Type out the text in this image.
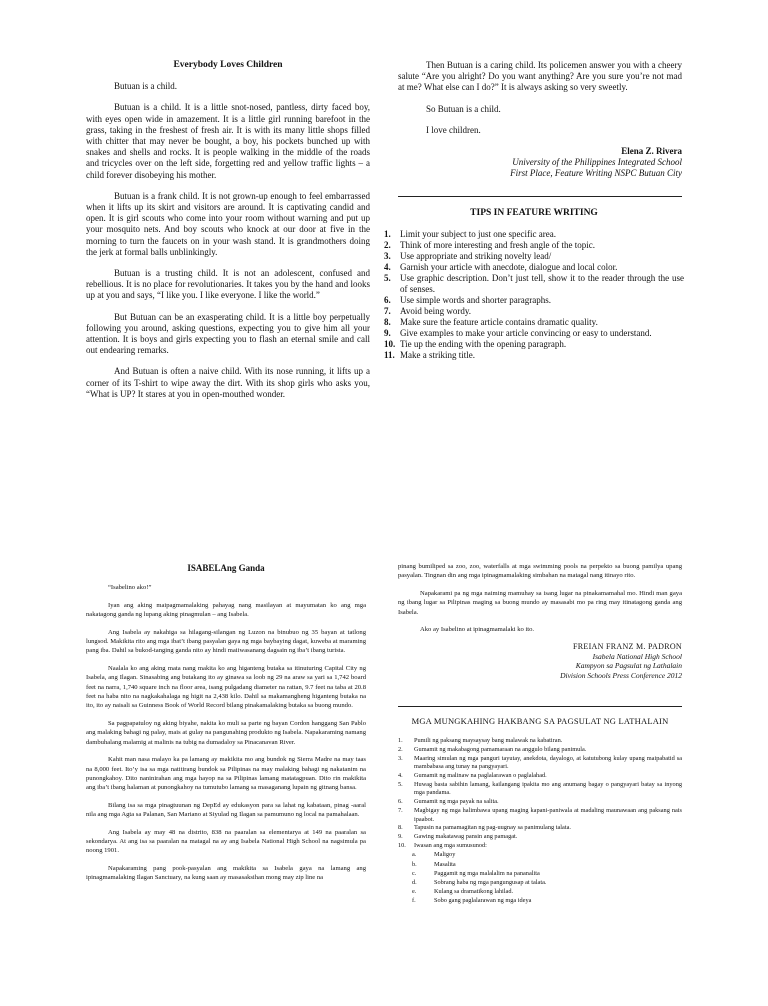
Everybody Loves Children

Butuan is a child.

Butuan is a child. It is a little snot-nosed, pantless, dirty faced boy, with eyes open wide in amazement. It is a little girl running barefoot in the grass, taking in the freshest of fresh air. It is with its many little shops filled with chitter that may never be bought, a boy, his pockets bunched up with snakes and shells and rocks. It is people walking in the middle of the roads and tricycles over on the left side, forgetting red and yellow traffic lights – a child forever disobeying his mother.

Butuan is a frank child. It is not grown-up enough to feel embarrassed when it lifts up its skirt and visitors are around. It is captivating candid and open. It is girl scouts who come into your room without warning and put up your mosquito nets. And boy scouts who knock at our door at five in the morning to turn the faucets on in your wash stand. It is grandmothers doing the jerk at formal balls unblinkingly.

Butuan is a trusting child. It is not an adolescent, confused and rebellious. It is no place for revolutionaries. It takes you by the hand and looks up at you and says, “I like you. I like everyone. I like the world.”

But Butuan can be an exasperating child. It is a little boy perpetually following you around, asking questions, expecting you to give him all your attention. It is boys and girls expecting you to flash an eternal smile and call out endearing remarks.

And Butuan is often a naive child. With its nose running, it lifts up a corner of its T-shirt to wipe away the dirt. With its shop girls who asks you, “What is UP? It stares at you in open-mouthed wonder.

Then Butuan is a caring child. Its policemen answer you with a cheery salute “Are you alright? Do you want anything? Are you sure you’re not mad at me? What else can I do?” It is always asking so very sweetly.

So Butuan is a child.

I love children.

Elena Z. Rivera
University of the Philippines Integrated School
First Place, Feature Writing NSPC Butuan City
TIPS IN FEATURE WRITING
1.	Limit your subject to just one specific area.
2.	Think of more interesting and fresh angle of the topic.
3.	Use appropriate and striking novelty lead/
4.	Garnish your article with anecdote, dialogue and local color.
5.	Use graphic description. Don’t just tell, show it to the reader through the use of senses.
6.	Use simple words and shorter paragraphs.
7.	Avoid being wordy.
8.	Make sure the feature article contains dramatic quality.
9.	Give examples to make your article convincing or easy to understand.
10. Tie up the ending with the opening paragraph.
11. Make a striking title.
ISABELAng Ganda

“Isabelino ako!”

Iyan ang aking maipagmamalaking pahayag nang masilayan at mayumatan ko ang mga nakatagong ganda ng lupang aking pinagmulan – ang Isabela.

Ang Isabela ay nakahiga sa hilagang-silangan ng Luzon na binubuo ng 35 bayan at tatlong lungsod. Makikita rito ang mga ibat’t ibang pasyalan gaya ng mga baybaying dagat, kuweba at maraming pang iba. Dahil sa bukod-tanging ganda nito ay hindi maiiwasanang dagsain ng iba’t ibang turista.

Naalala ko ang aking mata nang makita ko ang higanteng butaka sa itinuturing Capital City ng Isabela, ang Ilagan. Sinasabing ang butakang ito ay ginawa sa loob ng 29 na araw sa yari sa 1,742 board feet na narra, 1,740 square inch na floor area, isang pulgadang diameter na rattan, 9.7 feet na taba at 20.8 feet na haba nito na nagkakahalaga ng higit na 2,438 kilo. Dahil sa makamangheng higanteng butaka na ito, ito ay naisali sa Guinness Book of World Record bilang pinakamalaking butaka sa buong mundo.

Sa pagpapatuloy ng aking biyahe, nakita ko muli sa parte ng bayan Cordon hanggang San Pablo ang malaking bahagi ng palay, mais at gulay na pangunahing produkto ng Isabela. Napakaraming namang dambuhalang malamig at malinis na tubig na dumadaloy sa Pinacanavan River.

Kahit man nasa malayo ka pa lamang ay makikita mo ang bundok ng Sierra Madre na may taas na 8,000 feet. Ito’y isa sa mga natitirang bundok sa Pilipinas na may malaking bahagi ng nakatanim na punongkahoy. Dito naninirahan ang mga hayop na sa Pilipinas lamang matatagpuan. Dito rin makikita ang iba’t ibang halaman at punongkahoy na tumutubo lamang sa masaganang lupain ng gitnang bansa.

Bilang isa sa mga pinagtuunan ng DepEd ay edukasyon para sa lahat ng kabataan, pinag -aaral nila ang mga Agta sa Palanan, San Mariano at Siyulad ng Ilagan sa pamumuno ng local na pamahalaan.

Ang Isabela ay may 48 na distrito, 838 na paaralan sa elementarya at 149 na paaralan sa sekondarya. At ang isa sa paaralan na matagal na ay ang Isabela National High School na nagsimula pa noong 1901.

Napakaraming pang pook-pasyalan ang makikita sa Isabela gaya na lamang ang ipinagmamalaking Ilagan Sanctuary, na kung saan ay masasaksihan mong may zip line na

pinang bumiliped sa zoo, zoo, waterfalls at mga swimming pools na perpekto sa buong pamilya upang pasyalan. Tingnan din ang mga ipinagmamalaking simbahan na matagal nang itinayo rito.

Napakarami pa ng mga naiming mamuhay sa isang lugar na pinakamamahal mo. Hindi man gaya ng ibang lugar sa Pilipinas maging sa buong mundo ay masasabi mo pa ring may itinatagong ganda ang Isabela.

Ako ay Isabelino at ipinagmamalaki ko ito.

FREIAN FRANZ M. PADRON
Isabela National High School
Kampyon sa Pagsulat ng Lathalain
Division Schools Press Conference 2012
MGA MUNGKAHING HAKBANG SA PAGSULAT NG LATHALAIN
1.	Pumili ng paksang maysaysay bang malawak na kabatiran.
2.	Gumamit ng makabagong pamamaraan na anggulo bilang panimula.
3.	Maaring simulan ng mga panguri tayutay, anekdota, dayalogo, at katutubong kulay upang maipabatid sa mambabasa ang tunay na pangyayari.
4.	Gumamit ng malinaw na paglalarawan o paglalahad.
5.	Huwag basta sabihin lamang, kailangang ipakita mo ang anumang bagay o pangyayari batay sa inyong mga pandama.
6.	Gumamit ng mga payak na salita.
7.	Magbigay ng mga halimbawa upang maging kapani-paniwala at madaling maunawaan ang paksang nais ipaabot.
8.	Tapusin na pamamagitan ng pag-uugnay sa panimulang talata.
9.	Gawing makatawag pansin ang pamagat.
10.	Iwasan ang mga sumusunod:
a.	Maligoy
b.	Masalita
c.	Paggamit ng mga malalalim na pananalita
d.	Sobrang haba ng mga pangungusap at talata.
e.	Kulang sa dramatikong lahilad.
f.	Sobo gang paglalarawan ng mga ideya
